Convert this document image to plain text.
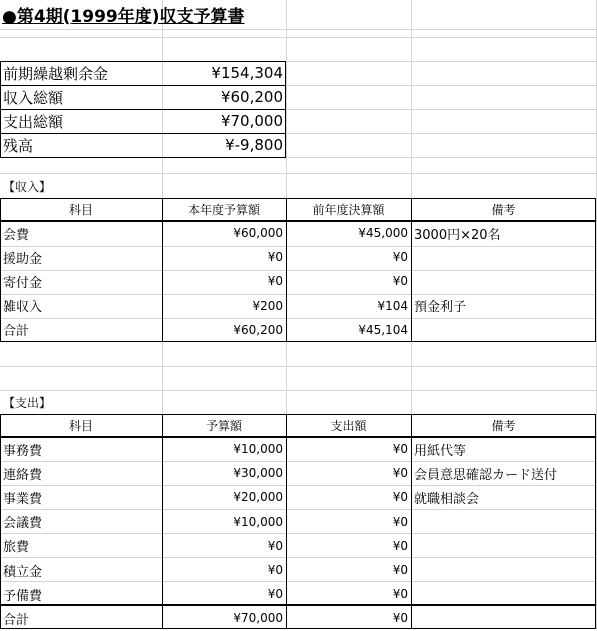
●第4期(1999年度)収支予算書
前期繰越剰余金	¥154,304
収入総額	¥60,200
支出総額	¥70,000
残高	¥-9,800
【収入】
科目	本年度予算額	前年度決算額	備考
会費	¥60,000	¥45,000 3000円×20名
援助金	¥0	¥0
寄付金	¥0	¥0
雑収入	¥200	¥104 預金利子
合計	¥60,200	¥45,104
【支出】
科目	予算額	支出額	備考
事務費	¥10,000	¥0 用紙代等
連絡費	¥30,000	¥0 会員意思確認カード送付
事業費	¥20,000	¥0 就職相談会
会議費	¥10,000	¥0
旅費	¥0	¥0
積立金	¥0	¥0
予備費	¥0	¥0
合計	¥70,000	¥0
